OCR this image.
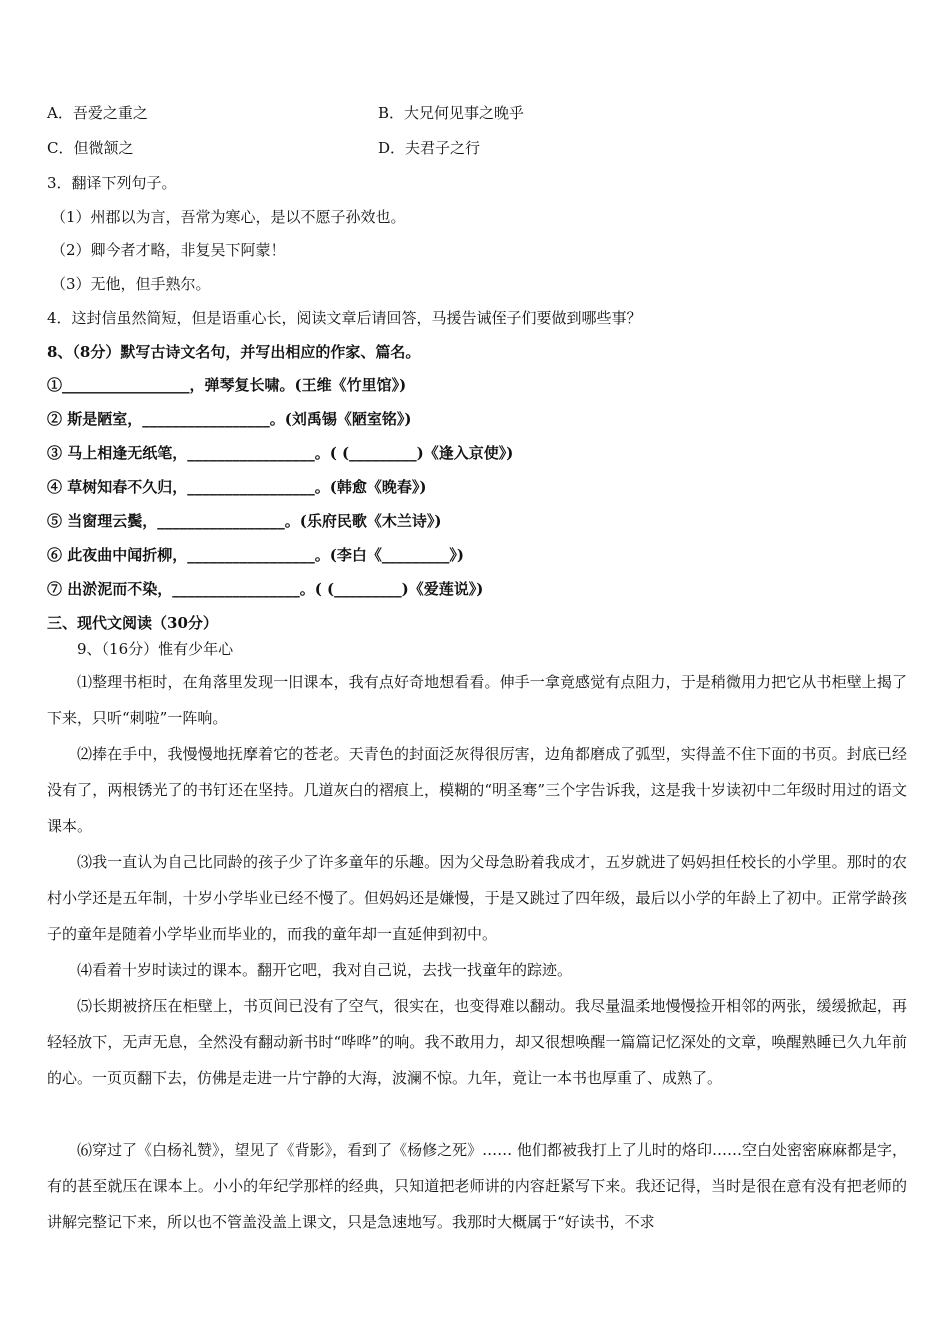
A．吾爱之重之	B．大兄何见事之晚乎
C．但微颔之	D．夫君子之行
3．翻译下列句子。
（1）州郡以为言，吾常为寒心，是以不愿子孙效也。
（2）卿今者才略，非复吴下阿蒙！
（3）无他，但手熟尔。
4．这封信虽然简短，但是语重心长，阅读文章后请回答，马援告诫侄子们要做到哪些事？
8、（8分）默写古诗文名句，并写出相应的作家、篇名。
①_________________，弹琴复长啸。(王维《竹里馆》)
② 斯是陋室，_________________。(刘禹锡《陋室铭》)
③ 马上相逢无纸笔，_________________。( (_________)《逢入京使》)
④ 草树知春不久归，_________________。(韩愈《晚春》)
⑤ 当窗理云鬓，_________________。(乐府民歌《木兰诗》)
⑥ 此夜曲中闻折柳，_________________。(李白《_________》)
⑦ 出淤泥而不染，_________________。( (_________)《爱莲说》)
三、现代文阅读（30分）
9、（16分）惟有少年心
⑴整理书柜时，在角落里发现一旧课本，我有点好奇地想看看。伸手一拿竟感觉有点阻力，于是稍微用力把它从书柜壁上揭了下来，只听“刺啦”一阵响。
⑵捧在手中，我慢慢地抚摩着它的苍老。天青色的封面泛灰得很厉害，边角都磨成了弧型，实得盖不住下面的书页。封底已经没有了，两根锈光了的书钉还在坚持。几道灰白的褶痕上，模糊的“明圣骞”三个字告诉我，这是我十岁读初中二年级时用过的语文课本。
⑶我一直认为自己比同龄的孩子少了许多童年的乐趣。因为父母急盼着我成才，五岁就进了妈妈担任校长的小学里。那时的农村小学还是五年制，十岁小学毕业已经不慢了。但妈妈还是嫌慢，于是又跳过了四年级，最后以小学的年龄上了初中。正常学龄孩子的童年是随着小学毕业而毕业的，而我的童年却一直延伸到初中。
⑷看着十岁时读过的课本。翻开它吧，我对自己说，去找一找童年的踪迹。
⑸长期被挤压在柜壁上，书页间已没有了空气，很实在，也变得难以翻动。我尽量温柔地慢慢捡开相邻的两张，缓缓掀起，再轻轻放下，无声无息，全然没有翻动新书时“哗哗”的响。我不敢用力，却又很想唤醒一篇篇记忆深处的文章，唤醒熟睡已久九年前的心。一页页翻下去，仿佛是走进一片宁静的大海，波澜不惊。九年，竟让一本书也厚重了、成熟了。
⑹穿过了《白杨礼赞》，望见了《背影》，看到了《杨修之死》…… 他们都被我打上了儿时的烙印……空白处密密麻麻都是字，有的甚至就压在课本上。小小的年纪学那样的经典，只知道把老师讲的内容赶紧写下来。我还记得，当时是很在意有没有把老师的讲解完整记下来，所以也不管盖没盖上课文，只是急速地写。我那时大概属于“好读书，不求
